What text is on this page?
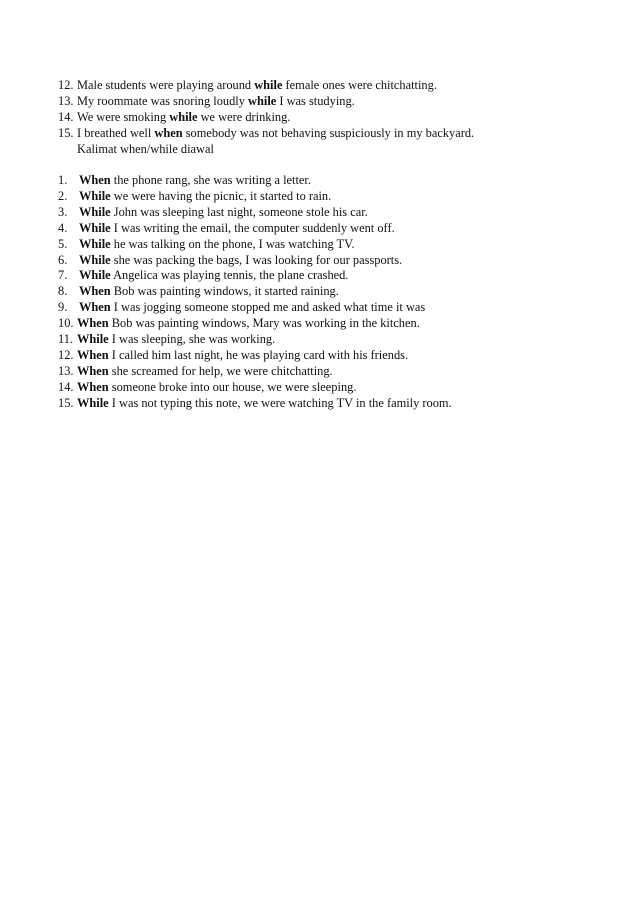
12. Male students were playing around while female ones were chitchatting.
13. My roommate was snoring loudly while I was studying.
14. We were smoking while we were drinking.
15. I breathed well when somebody was not behaving suspiciously in my backyard.
Kalimat when/while diawal
1. When the phone rang, she was writing a letter.
2. While we were having the picnic, it started to rain.
3. While John was sleeping last night, someone stole his car.
4. While I was writing the email, the computer suddenly went off.
5. While he was talking on the phone, I was watching TV.
6. While she was packing the bags, I was looking for our passports.
7. While Angelica was playing tennis, the plane crashed.
8. When Bob was painting windows, it started raining.
9. When I was jogging someone stopped me and asked what time it was
10. When Bob was painting windows, Mary was working in the kitchen.
11. While I was sleeping, she was working.
12. When I called him last night, he was playing card with his friends.
13. When she screamed for help, we were chitchatting.
14. When someone broke into our house, we were sleeping.
15. While I was not typing this note, we were watching TV in the family room.
